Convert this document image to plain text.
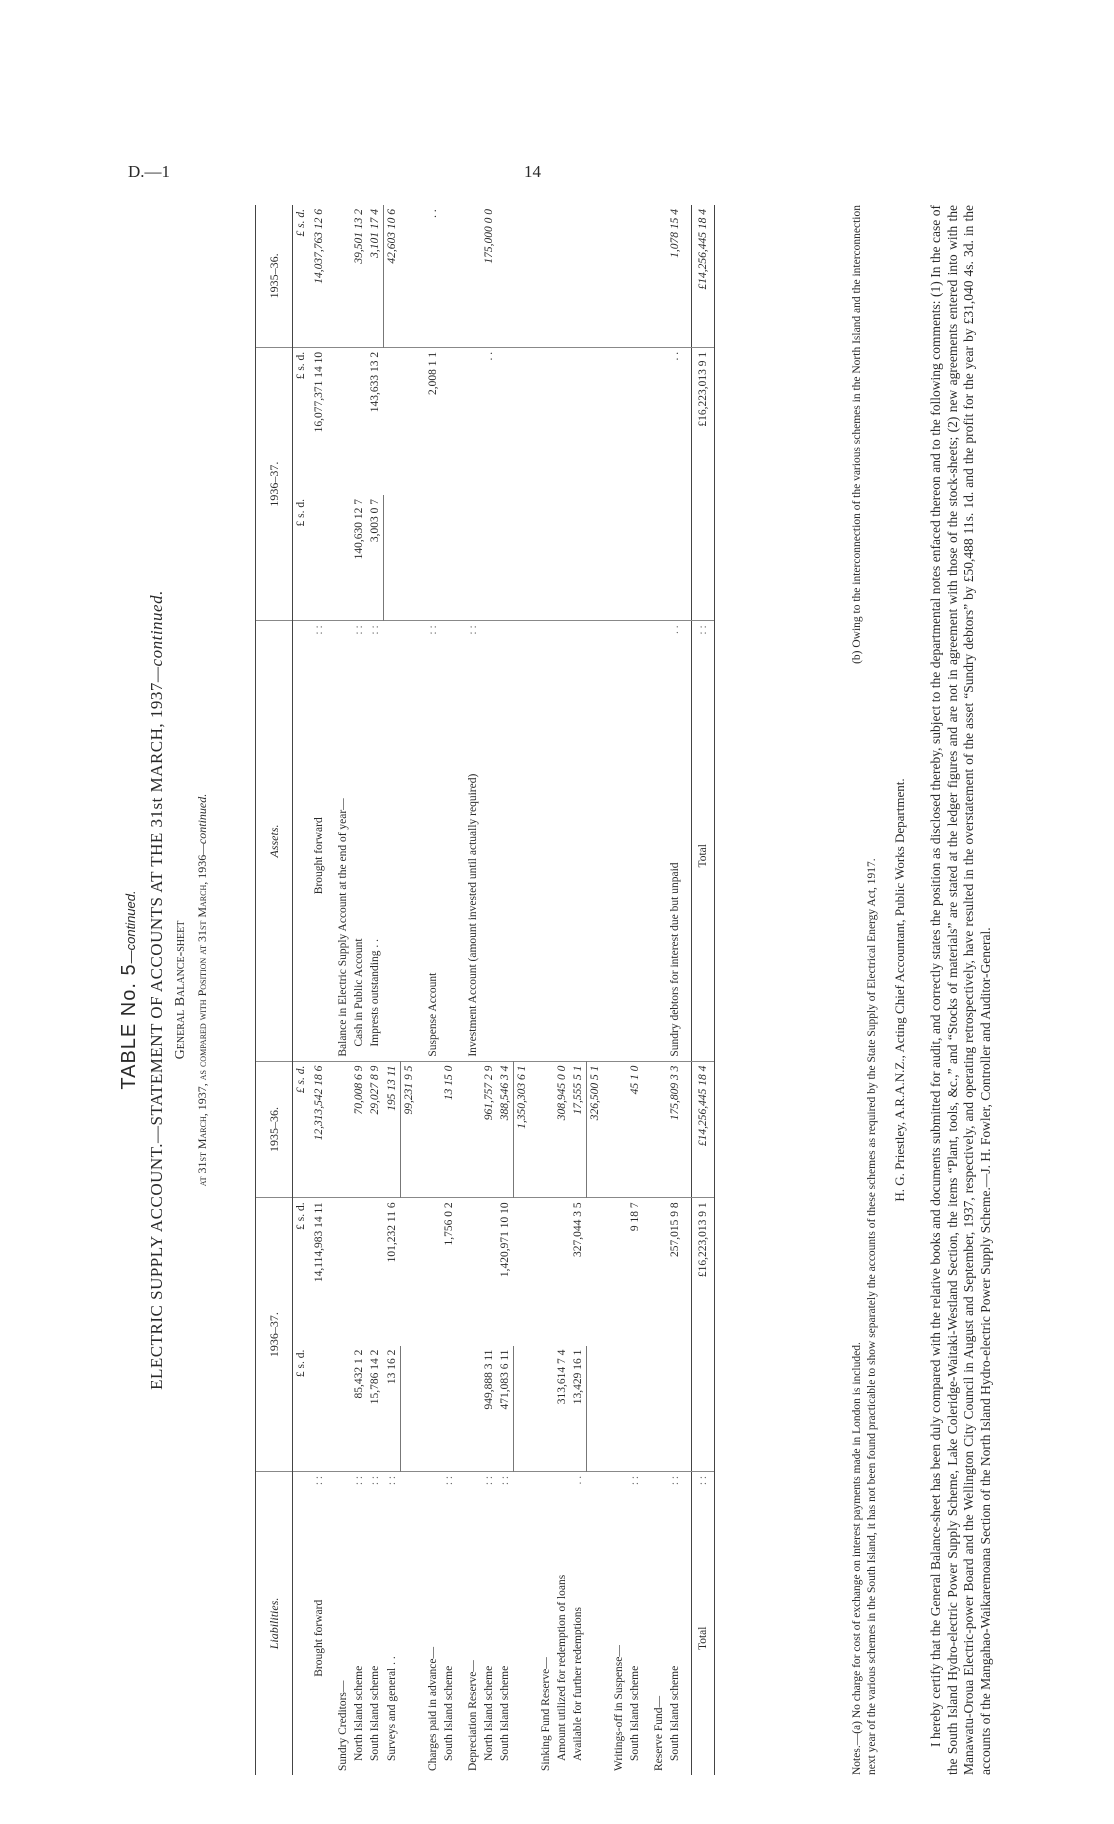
D.—1	14
TABLE No. 5—continued. ELECTRIC SUPPLY ACCOUNT.—STATEMENT OF ACCOUNTS AT THE 31st MARCH, 1937—continued.
General Balance-sheet at 31st March, 1937, as compared with Position at 31st March, 1936—continued.
Liabilities.		1936–37.		1935–36.	Assets.		1936–37.		1935–36.
		£ s. d.	£ s. d.	£ s. d.			£ s. d.	£ s. d.	£ s. d.
Brought forward	: :		14,114,983 14 11	12,313,542 18 6	Brought forward	: :		16,077,371 14 10	14,037,763 12 6

Sundry Creditors—					Balance in Electric Supply Account at the end of year—				
North Island scheme	: :	85,432 1 2		70,008 6 9	Cash in Public Account	: :	140,630 12 7		39,501 13 2
South Island scheme	: :	15,786 14 2		29,027 8 9	Imprests outstanding . .	: :	3,003 0 7	143,633 13 2	3,101 17 4
Surveys and general . .	: :	13 16 2	101,232 11 6	195 13 11					42,603 10 6
				99,231 9 5					

Charges paid in advance—					Suspense Account	: :		2,008 1 1	. .
South Island scheme	: :		1,756 0 2	13 15 0					

Depreciation Reserve—					Investment Account (amount invested until actually required)	: :			
North Island scheme	: :	949,888 3 11		961,757 2 9				. .	175,000 0 0
South Island scheme	: :	471,083 6 11	1,420,971 10 10	388,546 3 4					
				1,350,303 6 1					

Sinking Fund Reserve—									
Amount utilized for redemption of loans		313,614 7 4		308,945 0 0					
Available for further redemptions	. .	13,429 16 1	327,044 3 5	17,555 5 1					
				326,500 5 1					

Writings-off in Suspense—									
South Island scheme	: :		9 18 7	45 1 0					

Reserve Fund—					Sundry debtors for interest due but unpaid	. .			
South Island scheme	: :		257,015 9 8	175,809 3 3				. .	1,078 15 4

Total	: :		£16,223,013 9 1	£14,256,445 18 4	Total	: :		£16,223,013 9 1	£14,256,445 18 4
Notes.—(a) No charge for cost of exchange on interest payments made in London is included.
(b) Owing to the interconnection of the various schemes in the North Island and the interconnection
next year of the various schemes in the South Island, it has not been found practicable to show separately the accounts of these schemes as required by the State Supply of Electrical Energy Act, 1917. H. G. Priestley, A.R.A.N.Z., Acting Chief Accountant, Public Works Department. I hereby certify that the General Balance-sheet has been duly compared with the relative books and documents submitted for audit, and correctly states the position as disclosed thereby, subject to the departmental notes enfaced thereon and to the following comments: (1) In the case of the South Island Hydro-electric Power Supply Scheme, Lake Coleridge-Waitaki-Westland Section, the items “Plant, tools, &c.,” and “Stocks of materials” are stated at the ledger figures and are not in agreement with those of the stock-sheets; (2) new agreements entered into with the Manawatu-Oroua Electric-power Board and the Wellington City Council in August and September, 1937, respectively, and operating retrospectively, have resulted in the overstatement of the asset “Sundry debtors” by £50,488 11s. 1d. and the profit for the year by £31,040 4s. 3d. in the accounts of the Mangahao-Waikaremoana Section of the North Island Hydro-electric Power Supply Scheme.—J. H. Fowler, Controller and Auditor-General.
